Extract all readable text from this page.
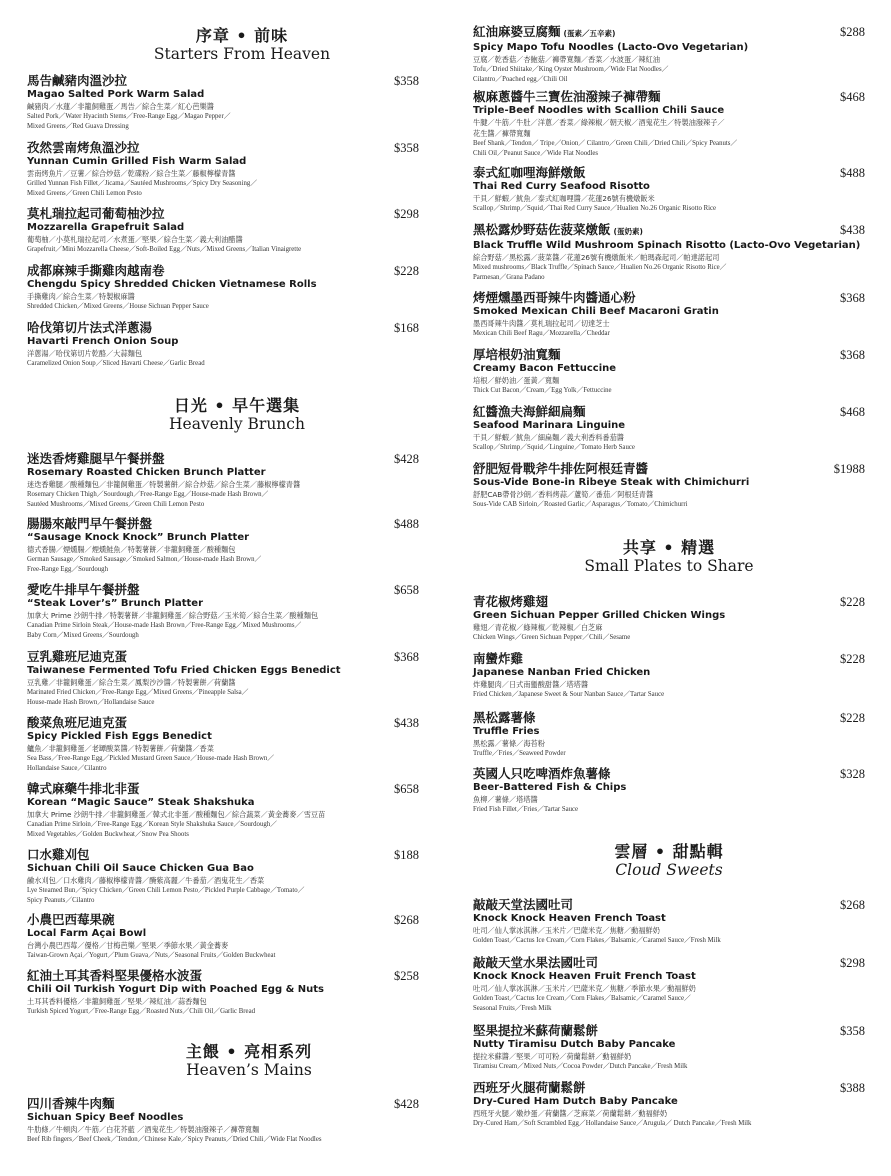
序章 • 前味
Starters From Heaven
馬告鹹豬肉溫沙拉
Magao Salted Pork Warm Salad
鹹豬肉／水蓮／非籠飼雞蛋／馬告／綜合生菜／紅心芭樂醬
Salted Pork／Water Hyacinth Stems／Free-Range Egg／Magao Pepper／
Mixed Greens／Red Guava Dressing
$358
孜然雲南烤魚溫沙拉
Yunnan Cumin Grilled Fish Warm Salad
雲南烤魚片／豆薯／綜合炒菇／乾碟粉／綜合生菜／藤椒檸檬青醬
Grilled Yunnan Fish Fillet／Jicama／Sautéed Mushrooms／Spicy Dry Seasoning／
Mixed Greens／Green Chili Lemon Pesto
$358
莫札瑞拉起司葡萄柚沙拉
Mozzarella Grapefruit Salad
葡萄柚／小莫札瑞拉起司／水煮蛋／堅果／綜合生菜／義大利油醋醬
Grapefruit／Mini Mozzarella Cheese／Soft-Boiled Egg／Nuts／Mixed Greens／Italian Vinaigrette
$298
成都麻辣手撕雞肉越南卷
Chengdu Spicy Shredded Chicken Vietnamese Rolls
手撕雞肉／綜合生菜／特製椒麻醬
Shredded Chicken／Mixed Greens／House Sichuan Pepper Sauce
$228
哈伐第切片法式洋蔥湯
Havarti French Onion Soup
洋蔥湯／哈伐第切片乾酪／大蒜麵包
Caramelized Onion Soup／Sliced Havarti Cheese／Garlic Bread
$168
日光 • 早午選集
Heavenly Brunch
迷迭香烤雞腿早午餐拼盤
Rosemary Roasted Chicken Brunch Platter
迷迭香雞腿／酸種麵包／非籠飼雞蛋／特製薯餅／綜合炒菇／綜合生菜／藤椒檸檬青醬
Rosemary Chicken Thigh／Sourdough／Free-Range Egg／House-made Hash Brown／
Sautéed Mushrooms／Mixed Greens／Green Chili Lemon Pesto
$428
腸腸來敲門早午餐拼盤
“Sausage Knock Knock” Brunch Platter
德式香腸／煙燻腸／煙燻鮭魚／特製薯餅／非籠飼雞蛋／酸種麵包
German Sausage／Smoked Sausage／Smoked Salmon／House-made Hash Brown／
Free-Range Egg／Sourdough
$488
愛吃牛排早午餐拼盤
“Steak Lover’s” Brunch Platter
加拿大 Prime 沙朗牛排／特製薯餅／非籠飼雞蛋／綜合野菇／玉米筍／綜合生菜／酸種麵包
Canadian Prime Sirloin Steak／House-made Hash Brown／Free-Range Egg／Mixed Mushrooms／
Baby Corn／Mixed Greens／Sourdough
$658
豆乳雞班尼迪克蛋
Taiwanese Fermented Tofu Fried Chicken Eggs Benedict
豆乳雞／非籠飼雞蛋／綜合生菜／鳳梨沙沙醬／特製薯餅／荷蘭醬
Marinated Fried Chicken／Free-Range Egg／Mixed Greens／Pineapple Salsa／
House-made Hash Brown／Hollandaise Sauce
$368
酸菜魚班尼迪克蛋
Spicy Pickled Fish Eggs Benedict
鱸魚／非籠飼雞蛋／老罈酸菜醬／特製薯餅／荷蘭醬／香菜
Sea Bass／Free-Range Egg／Pickled Mustard Green Sauce／House-made Hash Brown／
Hollandaise Sauce／Cilantro
$438
韓式麻藥牛排北非蛋
Korean “Magic Sauce” Steak Shakshuka
加拿大 Prime 沙朗牛排／非籠飼雞蛋／韓式北非蛋／酸種麵包／綜合蔬菜／黃金蕎麥／雪豆苗
Canadian Prime Sirloin／Free-Range Egg／Korean Style Shakshuka Sauce／Sourdough／
Mixed Vegetables／Golden Buckwheat／Snow Pea Shoots
$658
口水雞刈包
Sichuan Chili Oil Sauce Chicken Gua Bao
鹼水刈包／口水雞肉／藤椒檸檬青醬／醃紫高麗／牛番茄／酒鬼花生／香菜
Lye Steamed Bun／Spicy Chicken／Green Chili Lemon Pesto／Pickled Purple Cabbage／Tomato／
Spicy Peanuts／Cilantro
$188
小農巴西莓果碗
Local Farm Açai Bowl
台灣小農巴西莓／優格／甘梅芭樂／堅果／季節水果／黃金蕎麥
Taiwan-Grown Açai／Yogurt／Plum Guava／Nuts／Seasonal Fruits／Golden Buckwheat
$268
紅油土耳其香料堅果優格水波蛋
Chili Oil Turkish Yogurt Dip with Poached Egg & Nuts
土耳其香料優格／非籠飼雞蛋／堅果／辣紅油／蒜香麵包
Turkish Spiced Yogurt／Free-Range Egg／Roasted Nuts／Chili Oil／Garlic Bread
$258
主餵 • 亮相系列
Heaven’s Mains
四川香辣牛肉麵
Sichuan Spicy Beef Noodles
牛肋條／牛頰肉／牛筋／白花芥藍 ／酒鬼花生／特製油潑辣子／褲帶寬麵
Beef Rib fingers／Beef Cheek／Tendon／Chinese Kale／Spicy Peanuts／Dried Chili／Wide Flat Noodles
$428
紅油麻婆豆腐麵 (蛋素／五辛素)
Spicy Mapo Tofu Noodles (Lacto-Ovo Vegetarian)
豆腐／乾香菇／杏鮑菇／褲帶寬麵／香菜／水波蛋／辣紅油
Tofu／Dried Shiitake／King Oyster Mushroom／Wide Flat Noodles／
Cilantro／Poached egg／Chili Oil
$288
椒麻蔥醬牛三寶佐油潑辣子褲帶麵
Triple-Beef Noodles with Scallion Chili Sauce
牛腱／牛筋／牛肚／洋蔥／香菜／綠辣椒／朝天椒／酒鬼花生／特製油潑辣子／
花生醬／褲帶寬麵
Beef Shank／Tendon／ Tripe／Onion／ Cilantro／Green Chili／Dried Chili／Spicy Peanuts／
Chili Oil／Peanut Sauce／Wide Flat Noodles
$468
泰式紅咖哩海鮮燉飯
Thai Red Curry Seafood Risotto
干貝／鮮蝦／魷魚／泰式紅咖哩醬／花蓮26號有機燉飯米
Scallop／Shrimp／Squid／Thai Red Curry Sauce／Hualien No.26 Organic Risotto Rice
$488
黑松露炒野菇佐菠菜燉飯 (蛋奶素)
Black Truffle Wild Mushroom Spinach Risotto (Lacto-Ovo Vegetarian)
綜合野菇／黑松露／菠菜醬／花蓮26號有機燉飯米／帕瑪森起司／帕達諾起司
Mixed mushrooms／Black Truffle／Spinach Sauce／Hualien No.26 Organic Risotto Rice／
Parmesan／Grana Padano
$438
烤煙燻墨西哥辣牛肉醬通心粉
Smoked Mexican Chili Beef Macaroni Gratin
墨西哥辣牛肉醬／莫札瑞拉起司／切達芝士
Mexican Chili Beef Ragu／Mozzarella／Cheddar
$368
厚培根奶油寬麵
Creamy Bacon Fettuccine
培根／鮮奶油／蛋黃／寬麵
Thick Cut Bacon／Cream／Egg Yolk／Fettuccine
$368
紅醬漁夫海鮮細扁麵
Seafood Marinara Linguine
干貝／鮮蝦／魷魚／細扁麵／義大利香料番茄醬
Scallop／Shrimp／Squid／Linguine／Tomato Herb Sauce
$468
舒肥短骨戰斧牛排佐阿根廷青醬
Sous-Vide Bone-in Ribeye Steak with Chimichurri
舒肥CAB帶骨沙朗／香料烤蒜／蘆筍／番茄／阿根廷青醬
Sous-Vide CAB Sirloin／Roasted Garlic／Asparagus／Tomato／Chimichurri
$1988
共享 • 精選
Small Plates to Share
青花椒烤雞翅
Green Sichuan Pepper Grilled Chicken Wings
雞翅／青花椒／綠辣椒／乾辣椒／白芝麻
Chicken Wings／Green Sichuan Pepper／Chili／Sesame
$228
南蠻炸雞
Japanese Nanban Fried Chicken
炸雞腿肉／日式南蠻酸甜醬／塔塔醬
Fried Chicken／Japanese Sweet & Sour Nanban Sauce／Tartar Sauce
$228
黑松露薯條
Truffle Fries
黑松露／薯條／海苔粉
Truffle／Fries／Seaweed Powder
$228
英國人只吃啤酒炸魚薯條
Beer-Battered Fish & Chips
魚柳／薯條／塔塔醬
Fried Fish Fillet／Fries／Tartar Sauce
$328
雲層 • 甜點輯
Cloud Sweets
敲敲天堂法國吐司
Knock Knock Heaven French Toast
吐司／仙人掌冰淇淋／玉米片／巴薩米克／焦糖／動福鮮奶
Golden Toast／Cactus Ice Cream／Corn Flakes／Balsamic／Caramel Sauce／Fresh Milk
$268
敲敲天堂水果法國吐司
Knock Knock Heaven Fruit French Toast
吐司／仙人掌冰淇淋／玉米片／巴薩米克／焦糖／季節水果／動福鮮奶
Golden Toast／Cactus Ice Cream／Corn Flakes／Balsamic／Caramel Sauce／
Seasonal Fruits／Fresh Milk
$298
堅果提拉米蘇荷蘭鬆餅
Nutty Tiramisu Dutch Baby Pancake
提拉米蘇醬／堅果／可可粉／荷蘭鬆餅／動福鮮奶
Tiramisu Cream／Mixed Nuts／Cocoa Powder／Dutch Pancake／Fresh Milk
$358
西班牙火腿荷蘭鬆餅
Dry-Cured Ham Dutch Baby Pancake
西班牙火腿／嫩炒蛋／荷蘭醬／芝麻菜／荷蘭鬆餅／動福鮮奶
Dry-Cured Ham／Soft Scrambled Egg／Hollandaise Sauce／Arugula／ Dutch Pancake／Fresh Milk
$388
